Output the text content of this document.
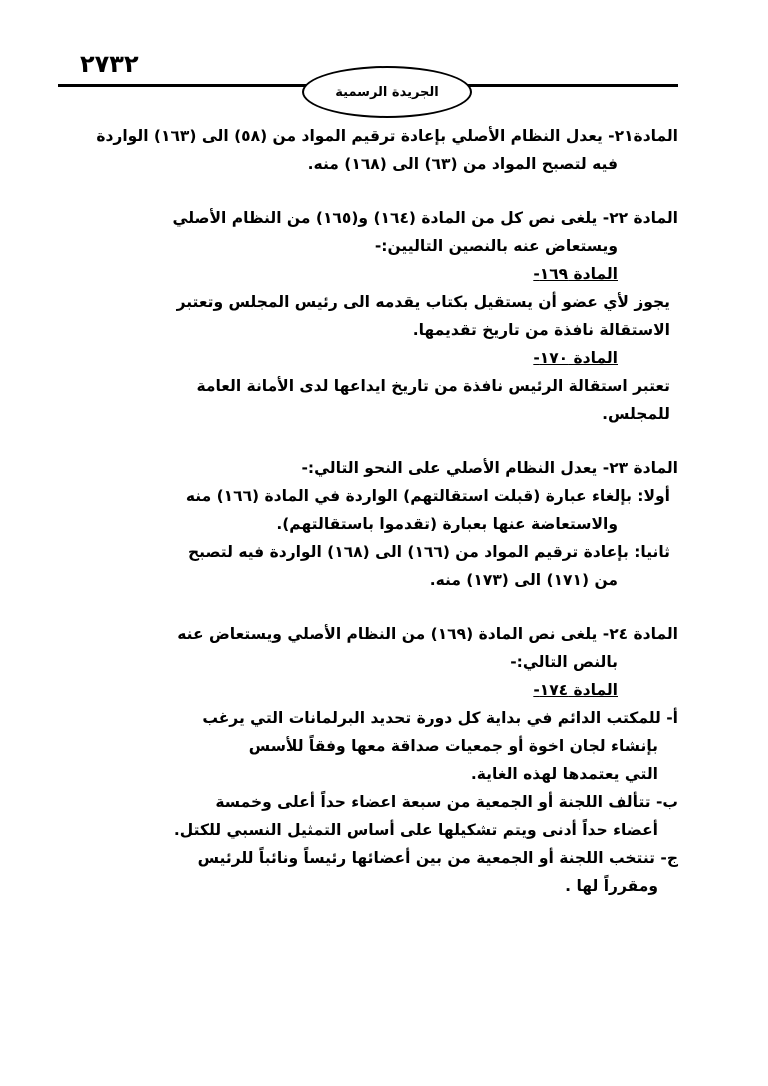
٢٧٣٢
الجريدة الرسمية
المادة٢١- يعدل النظام الأصلي بإعادة ترقيم المواد من (٥٨) الى (١٦٣) الواردة
فيه لتصبح المواد من (٦٣) الى (١٦٨) منه.
المادة ٢٢- يلغى نص كل من المادة (١٦٤) و(١٦٥) من النظام الأصلي
ويستعاض عنه بالنصين التاليين:-
المادة ١٦٩-
يجوز لأي عضو أن يستقيل بكتاب يقدمه الى رئيس المجلس وتعتبر
الاستقالة نافذة من تاريخ تقديمها.
المادة ١٧٠-
تعتبر استقالة الرئيس نافذة من تاريخ ايداعها لدى الأمانة العامة
للمجلس.
المادة ٢٣- يعدل النظام الأصلي على النحو التالي:-
أولا: بإلغاء عبارة (قبلت استقالتهم) الواردة في المادة (١٦٦) منه
والاستعاضة عنها بعبارة (تقدموا باستقالتهم).
ثانيا: بإعادة ترقيم المواد من (١٦٦) الى (١٦٨) الواردة فيه لتصبح
من (١٧١) الى (١٧٣) منه.
المادة ٢٤- يلغى نص المادة (١٦٩) من النظام الأصلي ويستعاض عنه
بالنص التالي:-
المادة ١٧٤-
أ- للمكتب الدائم في بداية كل دورة تحديد البرلمانات التي يرغب
بإنشاء لجان اخوة أو جمعيات صداقة معها وفقاً للأسس
التي يعتمدها لهذه الغاية.
ب- تتألف اللجنة أو الجمعية من سبعة اعضاء حداً أعلى وخمسة
أعضاء حداً أدنى ويتم تشكيلها على أساس التمثيل النسبي للكتل.
ج- تنتخب اللجنة أو الجمعية من بين أعضائها رئيساً ونائباً للرئيس
ومقرراً لها .
